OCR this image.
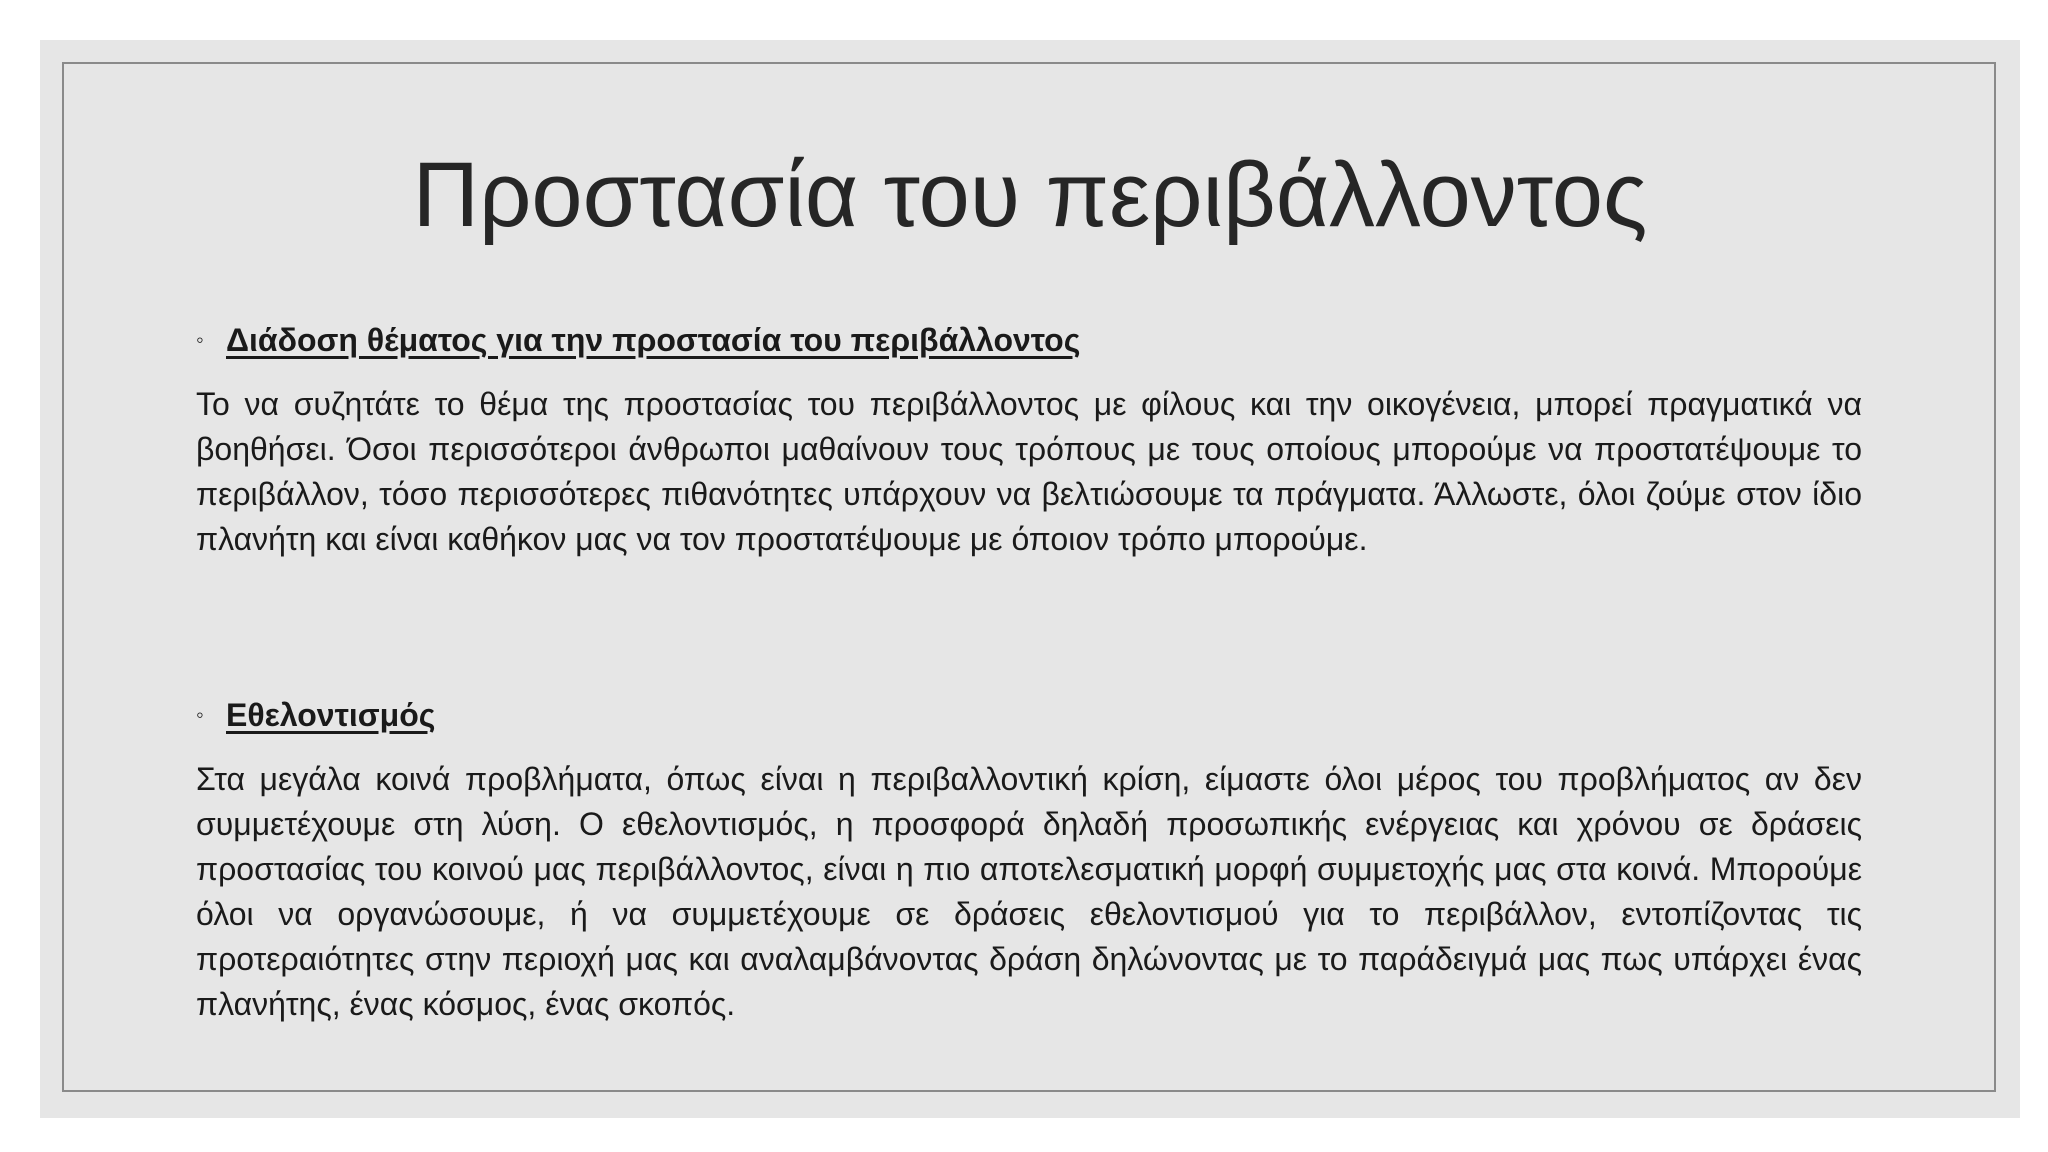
Προστασία του περιβάλλοντος
◦ Διάδοση θέματος για την προστασία του περιβάλλοντος

Το να συζητάτε το θέμα της προστασίας του περιβάλλοντος με φίλους και την οικογένεια, μπορεί πραγματικά να βοηθήσει. Όσοι περισσότεροι άνθρωποι μαθαίνουν τους τρόπους με τους οποίους μπορούμε να προστατέψουμε το περιβάλλον, τόσο περισσότερες πιθανότητες υπάρχουν να βελτιώσουμε τα πράγματα. Άλλωστε, όλοι ζούμε στον ίδιο πλανήτη και είναι καθήκον μας να τον προστατέψουμε με όποιον τρόπο μπορούμε.

◦ Εθελοντισμός

Στα μεγάλα κοινά προβλήματα, όπως είναι η περιβαλλοντική κρίση, είμαστε όλοι μέρος του προβλήματος αν δεν συμμετέχουμε στη λύση. Ο εθελοντισμός, η προσφορά δηλαδή προσωπικής ενέργειας και χρόνου σε δράσεις προστασίας του κοινού μας περιβάλλοντος, είναι η πιο αποτελεσματική μορφή συμμετοχής μας στα κοινά. Μπορούμε όλοι να οργανώσουμε, ή να συμμετέχουμε σε δράσεις εθελοντισμού για το περιβάλλον, εντοπίζοντας τις προτεραιότητες στην περιοχή μας και αναλαμβάνοντας δράση δηλώνοντας με το παράδειγμά μας πως υπάρχει ένας πλανήτης, ένας κόσμος, ένας σκοπός.
